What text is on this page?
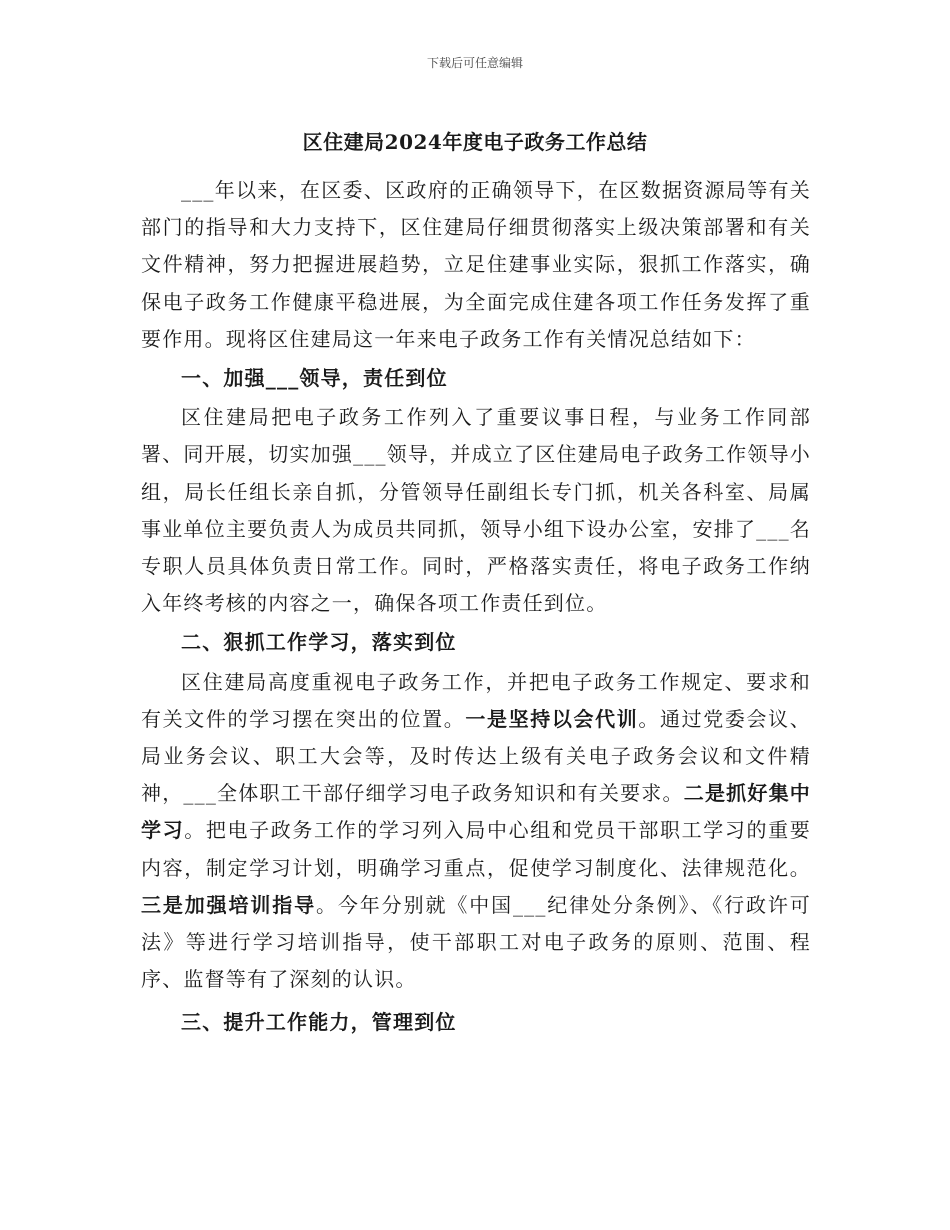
下载后可任意编辑
区住建局2024年度电子政务工作总结

___年以来，在区委、区政府的正确领导下，在区数据资源局等有关部门的指导和大力支持下，区住建局仔细贯彻落实上级决策部署和有关文件精神，努力把握进展趋势，立足住建事业实际，狠抓工作落实，确保电子政务工作健康平稳进展，为全面完成住建各项工作任务发挥了重要作用。现将区住建局这一年来电子政务工作有关情况总结如下：

一、加强___领导，责任到位

区住建局把电子政务工作列入了重要议事日程，与业务工作同部署、同开展，切实加强___领导，并成立了区住建局电子政务工作领导小组，局长任组长亲自抓，分管领导任副组长专门抓，机关各科室、局属事业单位主要负责人为成员共同抓，领导小组下设办公室，安排了___名专职人员具体负责日常工作。同时，严格落实责任，将电子政务工作纳入年终考核的内容之一，确保各项工作责任到位。

二、狠抓工作学习，落实到位

区住建局高度重视电子政务工作，并把电子政务工作规定、要求和有关文件的学习摆在突出的位置。一是坚持以会代训。通过党委会议、局业务会议、职工大会等，及时传达上级有关电子政务会议和文件精神，___全体职工干部仔细学习电子政务知识和有关要求。二是抓好集中学习。把电子政务工作的学习列入局中心组和党员干部职工学习的重要内容，制定学习计划，明确学习重点，促使学习制度化、法律规范化。三是加强培训指导。今年分别就《中国___纪律处分条例》、《行政许可法》等进行学习培训指导，使干部职工对电子政务的原则、范围、程序、监督等有了深刻的认识。

三、提升工作能力，管理到位
